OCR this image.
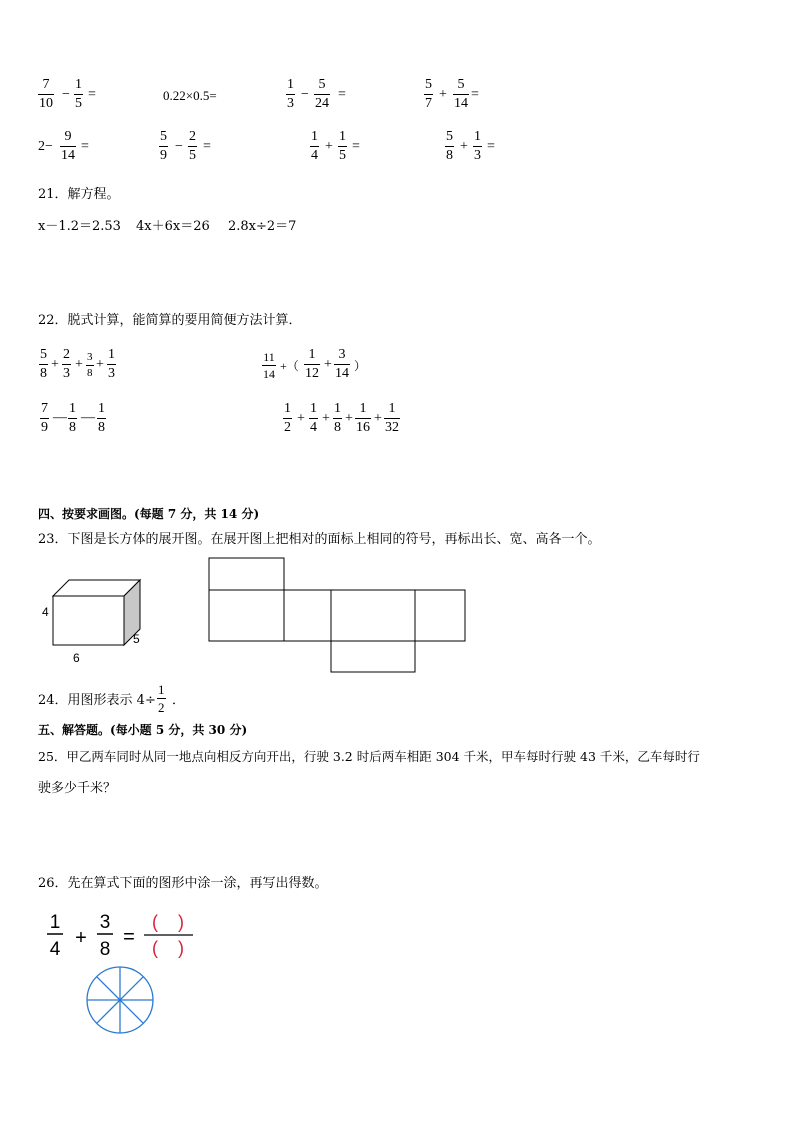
$\frac{7}{10} - \frac{1}{5}$ =	0.22×0.5=	$\frac{1}{3} - \frac{5}{24}$ =	$\frac{5}{7} + \frac{5}{14}$ =
$2- \frac{9}{14}$ =	$\frac{5}{9} - \frac{2}{5}$ =	$\frac{1}{4} + \frac{1}{5}$ =	$\frac{5}{8} + \frac{1}{3}$ =
21．解方程。
x－1.2＝2.53 4x＋6x＝26 2.8x÷2＝7
22．脱式计算，能简算的要用简便方法计算．
$\frac{5}{8} + \frac{2}{3} + \frac{3}{8} + \frac{1}{3}$	$\frac{11}{14}$ +（ $\frac{1}{12} + \frac{3}{14}$ ）
$\frac{7}{9}$ — $\frac{1}{8}$ — $\frac{1}{8}$	$\frac{1}{2} + \frac{1}{4} + \frac{1}{8} + \frac{1}{16} + \frac{1}{32}$
四、按要求画图。(每题 7 分，共 14 分)
23．下图是长方体的展开图。在展开图上把相对的面标上相同的符号，再标出长、宽、高各一个。
4
5
6
24．用图形表示 $4\div \frac{1}{2}$ ．
五、解答题。(每小题 5 分，共 30 分)
25．甲乙两车同时从同一地点向相反方向开出，行驶 3.2 时后两车相距 304 千米，甲车每时行驶 43 千米，乙车每时行
驶多少千米？
26．先在算式下面的图形中涂一涂，再写出得数。
1
4
+
3
8
=
(    )
(    )
